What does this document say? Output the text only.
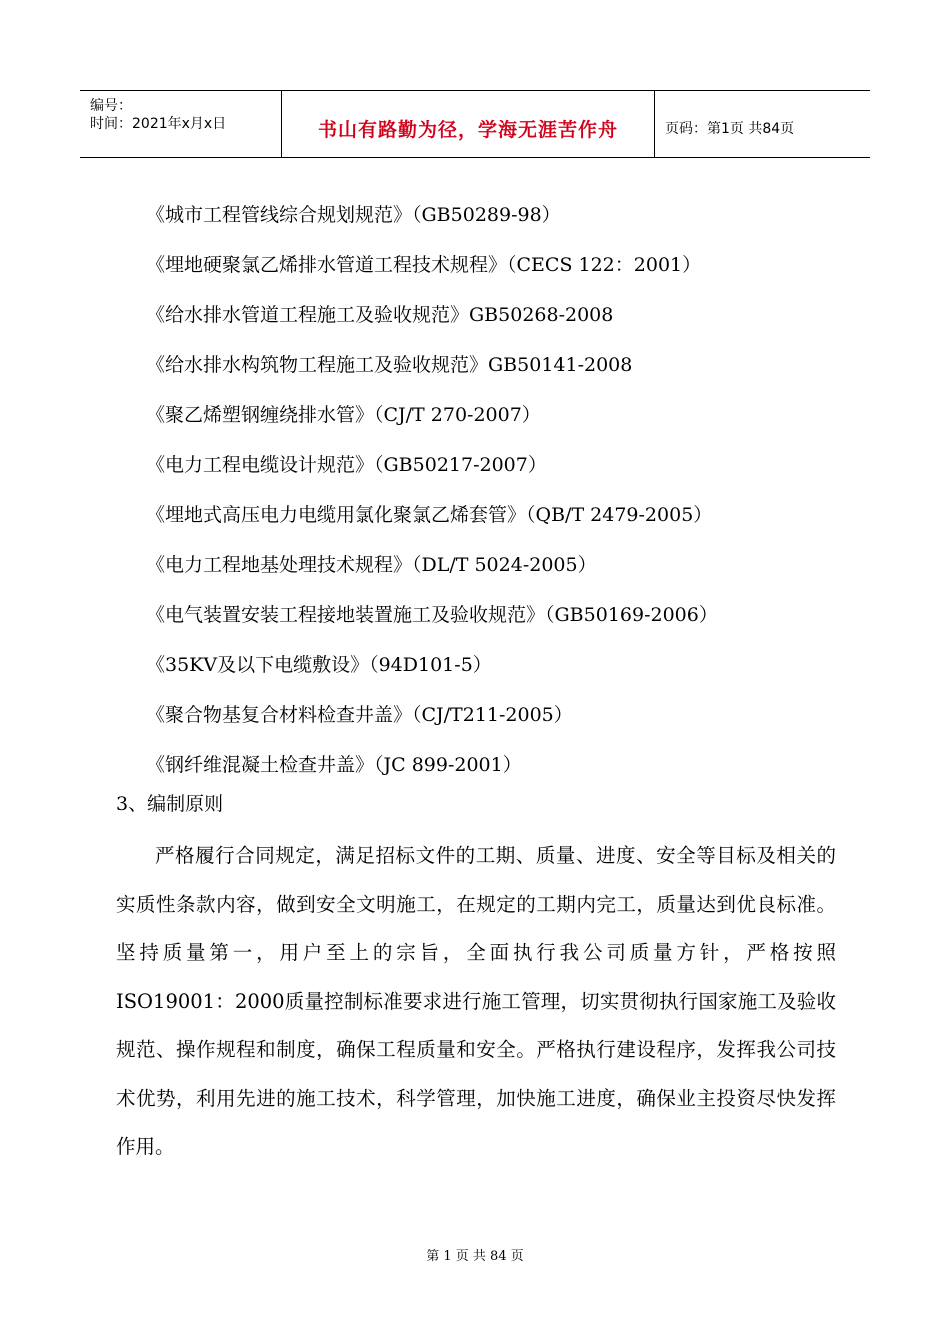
编号：
时间：2021年x月x日	书山有路勤为径，学海无涯苦作舟	页码：第1页 共84页
《城市工程管线综合规划规范》（GB50289-98）
《埋地硬聚氯乙烯排水管道工程技术规程》（CECS 122：2001）
《给水排水管道工程施工及验收规范》GB50268-2008
《给水排水构筑物工程施工及验收规范》GB50141-2008
《聚乙烯塑钢缠绕排水管》（CJ/T 270-2007）
《电力工程电缆设计规范》（GB50217-2007）
《埋地式高压电力电缆用氯化聚氯乙烯套管》（QB/T 2479-2005）
《电力工程地基处理技术规程》（DL/T 5024-2005）
《电气装置安装工程接地装置施工及验收规范》（GB50169-2006）
《35KV及以下电缆敷设》（94D101-5）
《聚合物基复合材料检查井盖》（CJ/T211-2005）
《钢纤维混凝土检查井盖》（JC 899-2001）
3、编制原则

严格履行合同规定，满足招标文件的工期、质量、进度、安全等目标及相关的实质性条款内容，做到安全文明施工，在规定的工期内完工，质量达到优良标准。坚持质量第一，用户至上的宗旨，全面执行我公司质量方针，严格按照ISO19001：2000质量控制标准要求进行施工管理，切实贯彻执行国家施工及验收规范、操作规程和制度，确保工程质量和安全。严格执行建设程序，发挥我公司技术优势，利用先进的施工技术，科学管理，加快施工进度，确保业主投资尽快发挥作用。

第 1 页 共 84 页
